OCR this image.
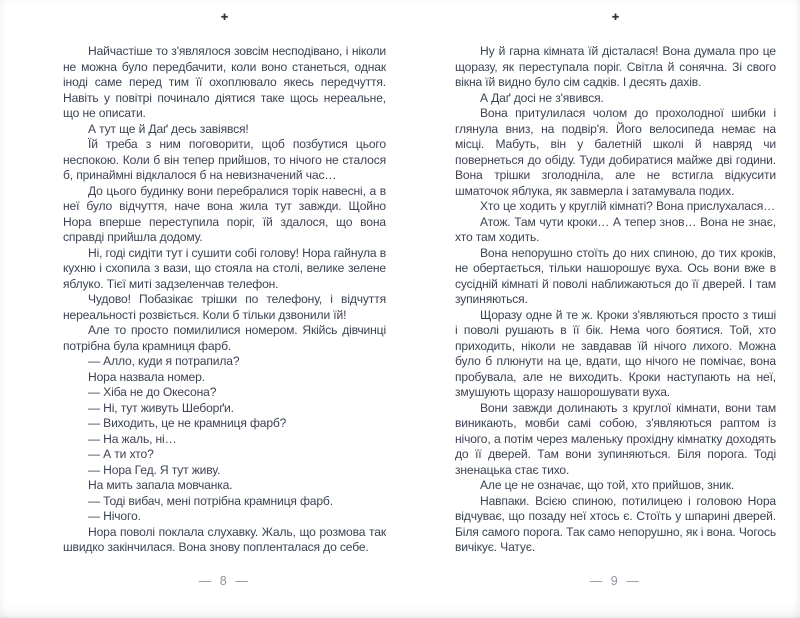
✚

Найчастіше то з'являлося зовсім несподівано, і ніколи не можна було передбачити, коли воно станеться, однак іноді саме перед тим її охоплювало якесь передчуття. Навіть у повітрі починало діятися таке щось нереальне, що не описати.

А тут ще й Даґ десь завіявся!

Їй треба з ним поговорити, щоб позбутися цього неспокою. Коли б він тепер прийшов, то нічого не сталося б, принаймні відклалося б на невизначений час…

До цього будинку вони перебралися торік навесні, а в неї було відчуття, наче вона жила тут завжди. Щойно Нора вперше переступила поріг, їй здалося, що вона справді прийшла додому.

Ні, годі сидіти тут і сушити собі голову! Нора гайнула в кухню і схопила з вази, що стояла на столі, велике зелене яблуко. Тієї миті задзеленчав телефон.

Чудово! Побазікає трішки по телефону, і відчуття нереальності розвіється. Коли б тільки дзвонили їй!

Але то просто помилилися номером. Якійсь дівчинці потрібна була крамниця фарб.

— Алло, куди я потрапила?

Нора назвала номер.

— Хіба не до Окесона?

— Ні, тут живуть Шеборґи.

— Виходить, це не крамниця фарб?

— На жаль, ні…

— А ти хто?

— Нора Гед. Я тут живу.

На мить запала мовчанка.

— Тоді вибач, мені потрібна крамниця фарб.

— Нічого.

Нора поволі поклала слухавку. Жаль, що розмова так швидко закінчилася. Вона знову попленталася до себе.

— 8 —
✚

Ну й гарна кімната їй дісталася! Вона думала про це щоразу, як переступала поріг. Світла й сонячна. Зі свого вікна їй видно було сім садків. І десять дахів.

А Даґ досі не з'явився.

Вона притулилася чолом до прохолодної шибки і глянула вниз, на подвір'я. Його велосипеда немає на місці. Мабуть, він у балетній школі й навряд чи повернеться до обіду. Туди добиратися майже дві години. Вона трішки зголодніла, але не встигла відкусити шматочок яблука, як завмерла і затамувала подих.

Хто це ходить у круглій кімнаті? Вона прислухалася…

Атож. Там чути кроки… А тепер знов… Вона не знає, хто там ходить.

Вона непорушно стоїть до них спиною, до тих кроків, не обертається, тільки нашорошує вуха. Ось вони вже в сусідній кімнаті й поволі наближаються до її дверей. І там зупиняються.

Щоразу одне й те ж. Кроки з'являються просто з тиші і поволі рушають в її бік. Нема чого боятися. Той, хто приходить, ніколи не завдавав їй нічого лихого. Можна було б плюнути на це, вдати, що нічого не помічає, вона пробувала, але не виходить. Кроки наступають на неї, змушують щоразу нашорошувати вуха.

Вони завжди долинають з круглої кімнати, вони там виникають, мовби самі собою, з'являються раптом із нічого, а потім через маленьку прохідну кімнатку доходять до її дверей. Там вони зупиняються. Біля порога. Тоді зненацька стає тихо.

Але це не означає, що той, хто прийшов, зник.

Навпаки. Всією спиною, потилицею і головою Нора відчуває, що позаду неї хтось є. Стоїть у шпарині дверей. Біля самого порога. Так само непорушно, як і вона. Чогось вичікує. Чатує.

— 9 —
